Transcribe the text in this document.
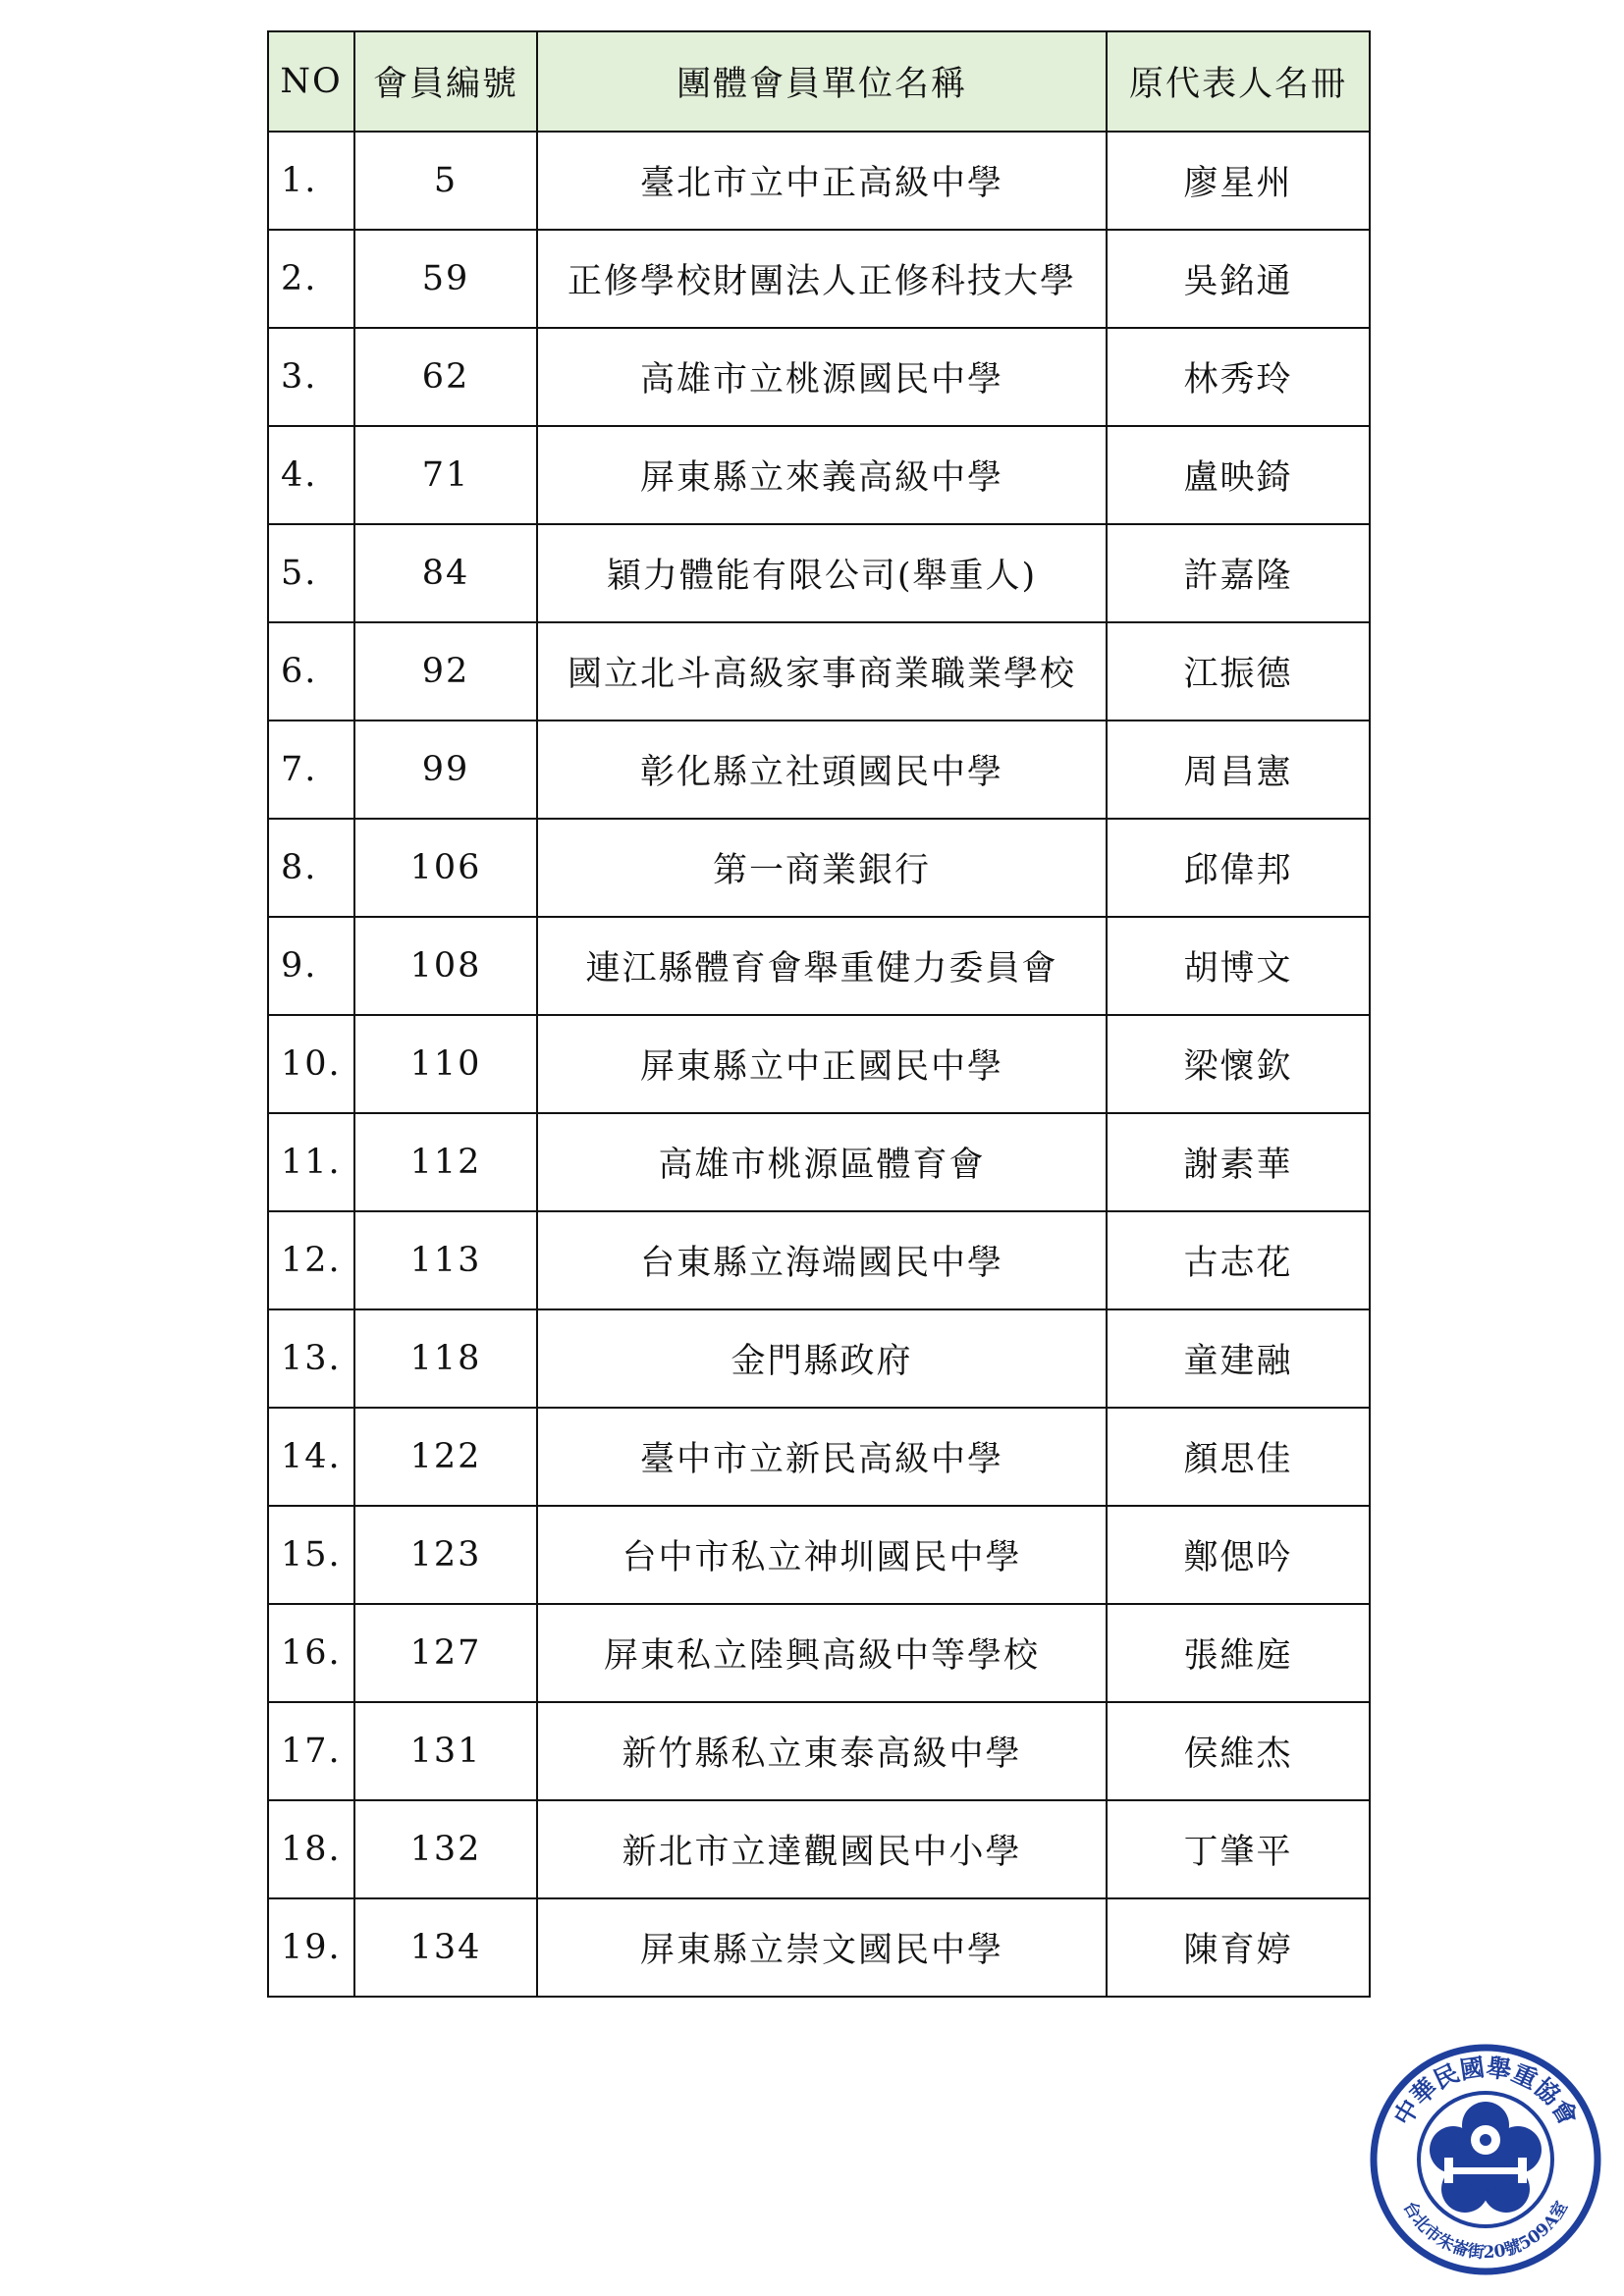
NO	會員編號	團體會員單位名稱	原代表人名冊
1.	5	臺北市立中正高級中學	廖星州
2.	59	正修學校財團法人正修科技大學	吳銘通
3.	62	高雄市立桃源國民中學	林秀玲
4.	71	屏東縣立來義高級中學	盧映錡
5.	84	穎力體能有限公司(舉重人)	許嘉隆
6.	92	國立北斗高級家事商業職業學校	江振德
7.	99	彰化縣立社頭國民中學	周昌憲
8.	106	第一商業銀行	邱偉邦
9.	108	連江縣體育會舉重健力委員會	胡博文
10.	110	屏東縣立中正國民中學	梁懷欽
11.	112	高雄市桃源區體育會	謝素華
12.	113	台東縣立海端國民中學	古志花
13.	118	金門縣政府	童建融
14.	122	臺中市立新民高級中學	顏思佳
15.	123	台中市私立神圳國民中學	鄭偲吟
16.	127	屏東私立陸興高級中等學校	張維庭
17.	131	新竹縣私立東泰高級中學	侯維杰
18.	132	新北市立達觀國民中小學	丁肇平
19.	134	屏東縣立崇文國民中學	陳育婷
中華民國舉重協會
台北市朱崙街20號509A室
